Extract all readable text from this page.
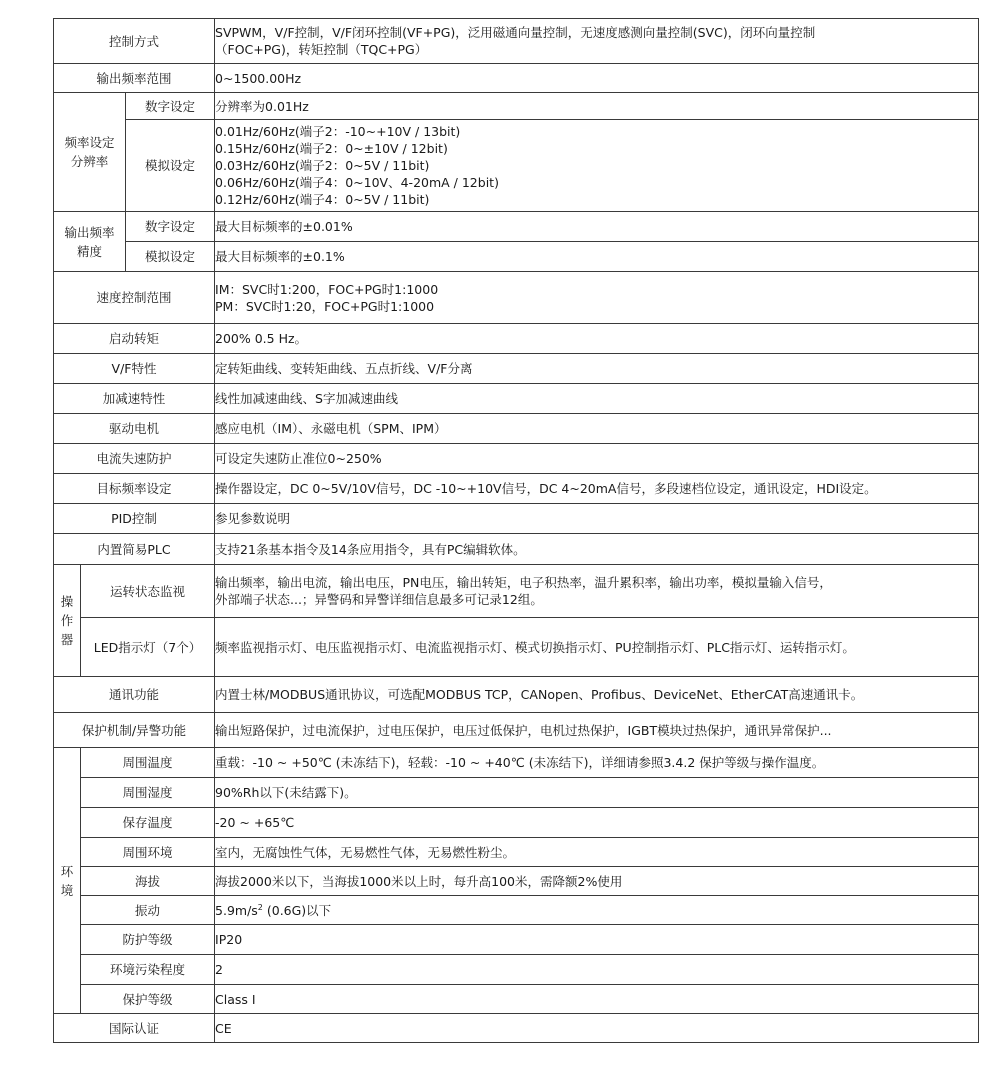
控制方式			SVPWM，V/F控制，V/F闭环控制(VF+PG)，泛用磁通向量控制，无速度感测向量控制(SVC)，闭环向量控制
（FOC+PG)，转矩控制（TQC+PG）

输出频率范围			0~1500.00Hz

频率设定
分辨率		数字设定	分辨率为0.01Hz
		模拟设定	0.01Hz/60Hz(端子2：-10~+10V / 13bit)
0.15Hz/60Hz(端子2：0~±10V / 12bit)
0.03Hz/60Hz(端子2：0~5V / 11bit)
0.06Hz/60Hz(端子4：0~10V、4-20mA / 12bit)
0.12Hz/60Hz(端子4：0~5V / 11bit)

输出频率
精度		数字设定	最大目标频率的±0.01%
		模拟设定	最大目标频率的±0.1%
速度控制范围			IM：SVC时1:200，FOC+PG时1:1000
PM：SVC时1:20，FOC+PG时1:1000

启动转矩			200% 0.5 Hz。
V/F特性			定转矩曲线、变转矩曲线、五点折线、V/F分离
加减速特性			线性加减速曲线、S字加减速曲线
驱动电机			感应电机（IM）、永磁电机（SPM、IPM）
电流失速防护			可设定失速防止准位0~250%
目标频率设定			操作器设定，DC 0~5V/10V信号，DC -10~+10V信号，DC 4~20mA信号，多段速档位设定，通讯设定，HDI设定。
PID控制			参见参数说明
内置简易PLC			支持21条基本指令及14条应用指令，具有PC编辑软体。

操
作
器	运转状态监视		输出频率，输出电流，输出电压，PN电压，输出转矩，电子积热率，温升累积率，输出功率，模拟量输入信号，
外部端子状态...；异警码和异警详细信息最多可记录12组。

	LED指示灯（7个）		频率监视指示灯、电压监视指示灯、电流监视指示灯、模式切换指示灯、PU控制指示灯、PLC指示灯、运转指示灯。
通讯功能			内置士林/MODBUS通讯协议，可选配MODBUS TCP，CANopen、Profibus、DeviceNet、EtherCAT高速通讯卡。
保护机制/异警功能			输出短路保护，过电流保护，过电压保护，电压过低保护，电机过热保护，IGBT模块过热保护，通讯异常保护...

环
境	周围温度		重载：-10 ~ +50℃ (未冻结下)，轻载：-10 ~ +40℃ (未冻结下)，详细请参照3.4.2 保护等级与操作温度。
	周围湿度		90%Rh以下(未结露下)。
	保存温度		-20 ~ +65℃
	周围环境		室内，无腐蚀性气体，无易燃性气体，无易燃性粉尘。
	海拔		海拔2000米以下，当海拔1000米以上时，每升高100米，需降额2%使用
	振动		$5.9m/s^2$ (0.6G)以下
	防护等级		IP20
	环境污染程度		2
	保护等级		Class I
国际认证			CE
